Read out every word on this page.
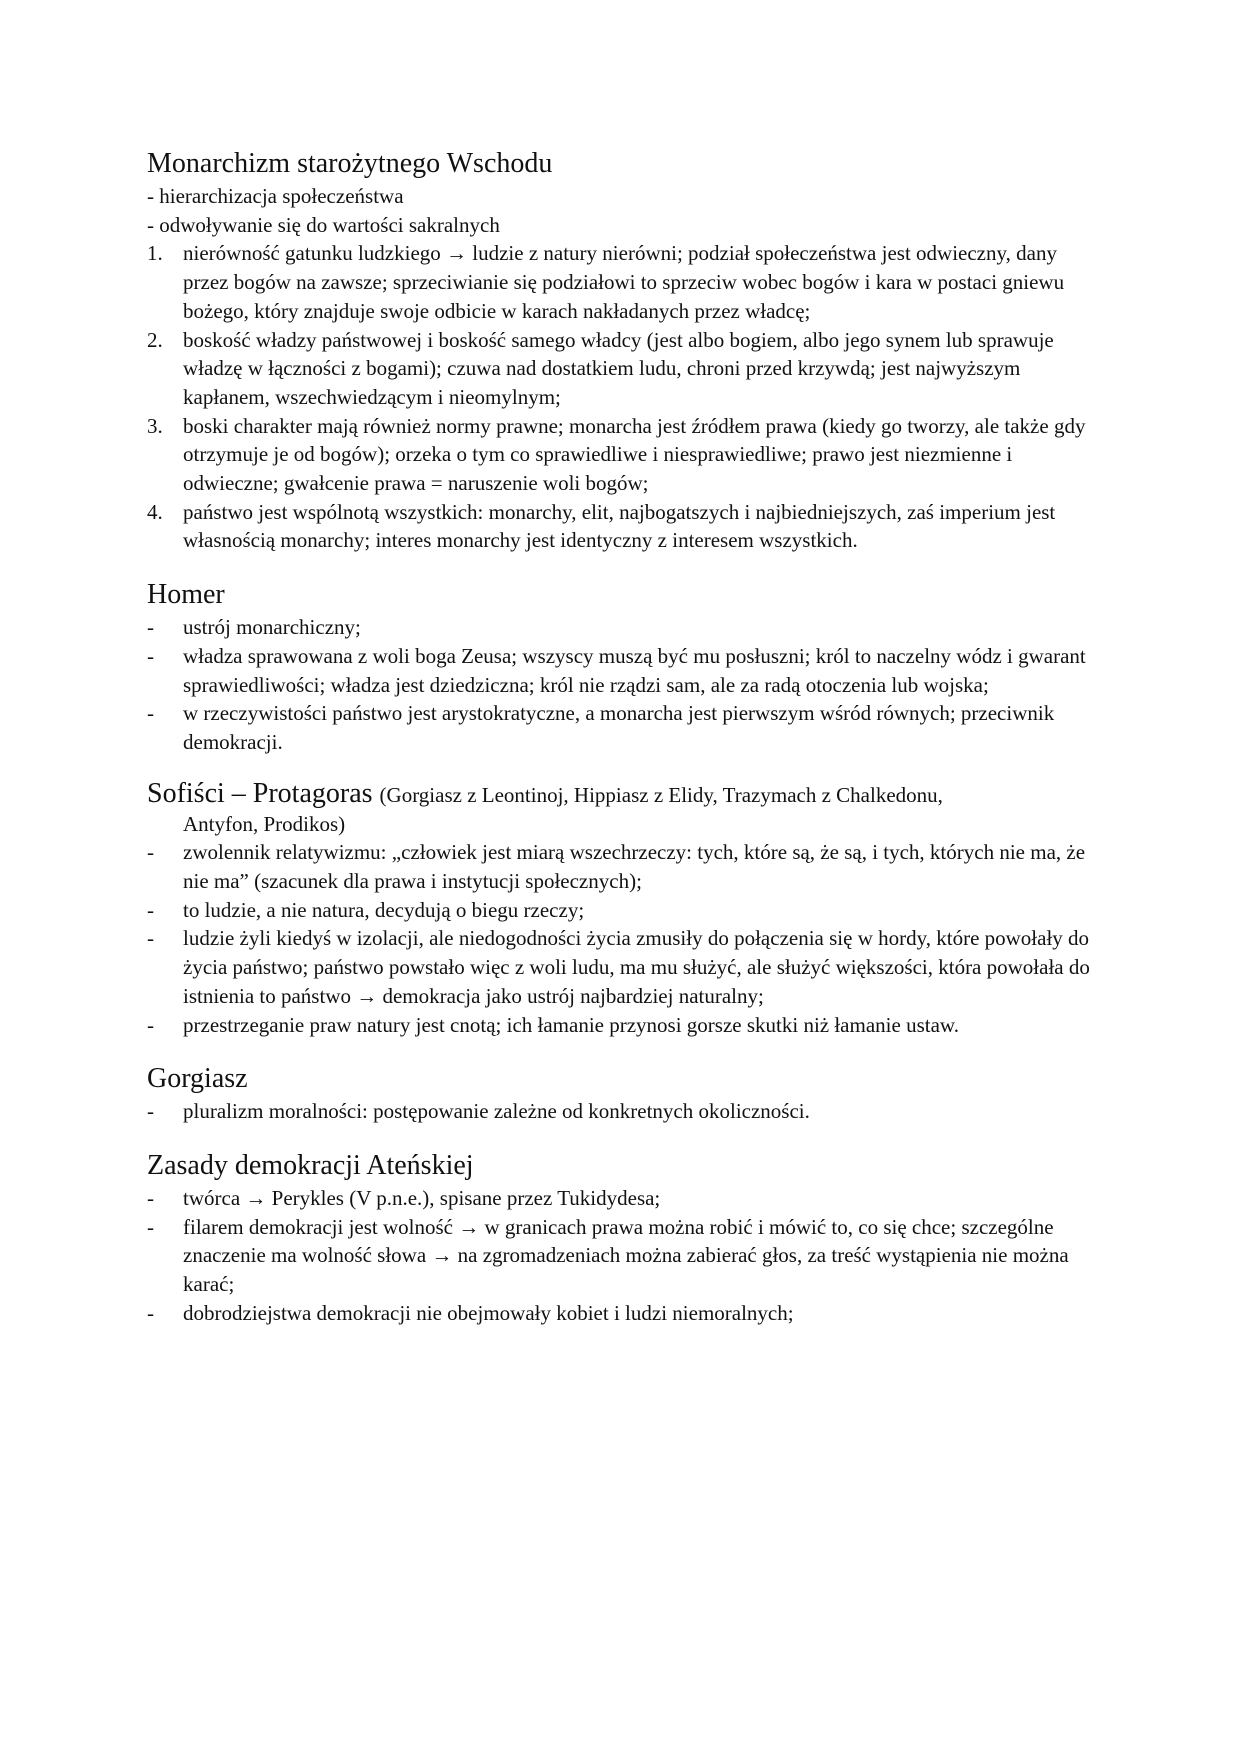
Monarchizm starożytnego Wschodu

- hierarchizacja społeczeństwa

- odwoływanie się do wartości sakralnych

1. nierówność gatunku ludzkiego → ludzie z natury nierówni; podział społeczeństwa jest odwieczny, dany przez bogów na zawsze; sprzeciwianie się podziałowi to sprzeciw wobec bogów i kara w postaci gniewu bożego, który znajduje swoje odbicie w karach nakładanych przez władcę;
2. boskość władzy państwowej i boskość samego władcy (jest albo bogiem, albo jego synem lub sprawuje władzę w łączności z bogami); czuwa nad dostatkiem ludu, chroni przed krzywdą; jest najwyższym kapłanem, wszechwiedzącym i nieomylnym;
3. boski charakter mają również normy prawne; monarcha jest źródłem prawa (kiedy go tworzy, ale także gdy otrzymuje je od bogów); orzeka o tym co sprawiedliwe i niesprawiedliwe; prawo jest niezmienne i odwieczne; gwałcenie prawa = naruszenie woli bogów;
4. państwo jest wspólnotą wszystkich: monarchy, elit, najbogatszych i najbiedniejszych, zaś imperium jest własnością monarchy; interes monarchy jest identyczny z interesem wszystkich.
Homer
- ustrój monarchiczny;
- władza sprawowana z woli boga Zeusa; wszyscy muszą być mu posłuszni; król to naczelny wódz i gwarant sprawiedliwości; władza jest dziedziczna; król nie rządzi sam, ale za radą otoczenia lub wojska;
- w rzeczywistości państwo jest arystokratyczne, a monarcha jest pierwszym wśród równych; przeciwnik demokracji.
Sofiści – Protagoras (Gorgiasz z Leontinoj, Hippiasz z Elidy, Trazymach z Chalkedonu,
Antyfon, Prodikos)
- zwolennik relatywizmu: „człowiek jest miarą wszechrzeczy: tych, które są, że są, i tych, których nie ma, że nie ma” (szacunek dla prawa i instytucji społecznych);
- to ludzie, a nie natura, decydują o biegu rzeczy;
- ludzie żyli kiedyś w izolacji, ale niedogodności życia zmusiły do połączenia się w hordy, które powołały do życia państwo; państwo powstało więc z woli ludu, ma mu służyć, ale służyć większości, która powołała do istnienia to państwo → demokracja jako ustrój najbardziej naturalny;
- przestrzeganie praw natury jest cnotą; ich łamanie przynosi gorsze skutki niż łamanie ustaw.
Gorgiasz
- pluralizm moralności: postępowanie zależne od konkretnych okoliczności.
Zasady demokracji Ateńskiej
- twórca → Perykles (V p.n.e.), spisane przez Tukidydesa;
- filarem demokracji jest wolność → w granicach prawa można robić i mówić to, co się chce; szczególne znaczenie ma wolność słowa → na zgromadzeniach można zabierać głos, za treść wystąpienia nie można karać;
- dobrodziejstwa demokracji nie obejmowały kobiet i ludzi niemoralnych;
